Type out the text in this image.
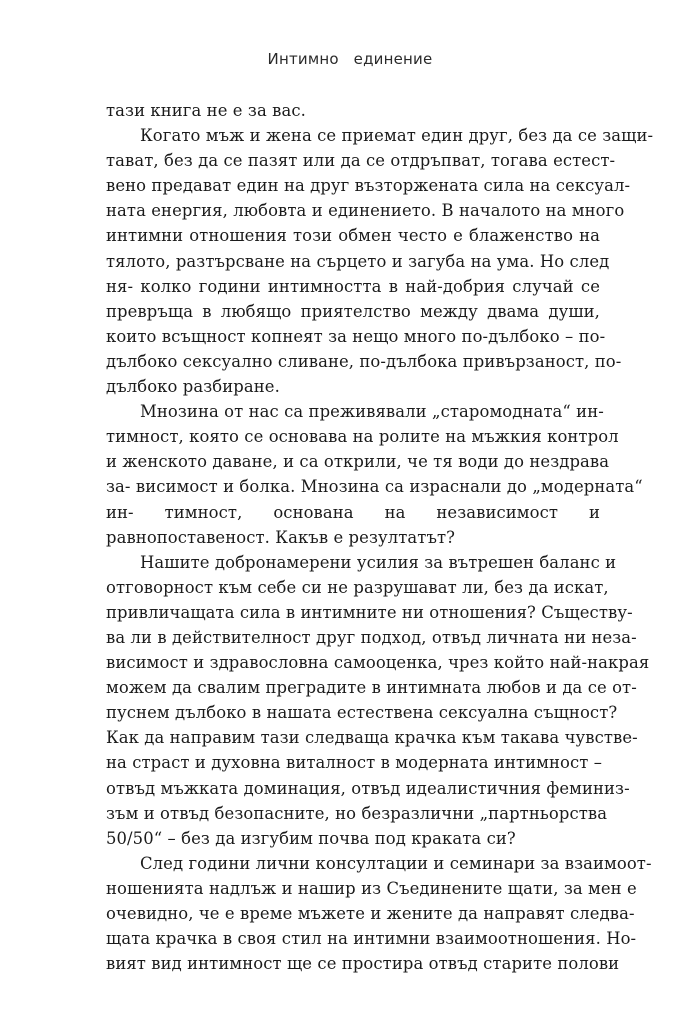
Интимно   единение
тази книга не е за вас.
Когато мъж и жена се приемат един друг, без да се защи-
тават, без да се пазят или да се отдръпват, тогава естест-
вено предават един на друг възторжената сила на сексуал-
ната енергия, любовта и единението. В началото на много
интимни отношения този обмен често е блаженство на
тялото, разтърсване на сърцето и загуба на ума. Но след
ня- колко години интимността в най-добрия случай се
превръща в любящо приятелство между двама души,
които всъщност копнеят за нещо много по-дълбоко – по-
дълбоко сексуално сливане, по-дълбока привързаност, по-
дълбоко разбиране.
Мнозина от нас са преживявали „старомодната“ ин-
тимност, която се основава на ролите на мъжкия контрол
и женското даване, и са открили, че тя води до нездрава
за- висимост и болка. Мнозина са израснали до „модерната“
ин- тимност, основана на независимост и
равнопоставеност. Какъв е резултатът?
Нашите добронамерени усилия за вътрешен баланс и
отговорност към себе си не разрушават ли, без да искат,
привличащата сила в интимните ни отношения? Съществу-
ва ли в действителност друг подход, отвъд личната ни неза-
висимост и здравословна самооценка, чрез който най-накрая
можем да свалим преградите в интимната любов и да се от-
пуснем дълбоко в нашата естествена сексуална същност?
Как да направим тази следваща крачка към такава чувстве-
на страст и духовна виталност в модерната интимност –
отвъд мъжката доминация, отвъд идеалистичния феминиз-
зъм и отвъд безопасните, но безразлични „партньорства
50/50“ – без да изгубим почва под краката си?
След години лични консултации и семинари за взаимоот-
ношенията надлъж и нашир из Съединените щати, за мен е
очевидно, че е време мъжете и жените да направят следва-
щата крачка в своя стил на интимни взаимоотношения. Но-
вият вид интимност ще се простира отвъд старите полови
